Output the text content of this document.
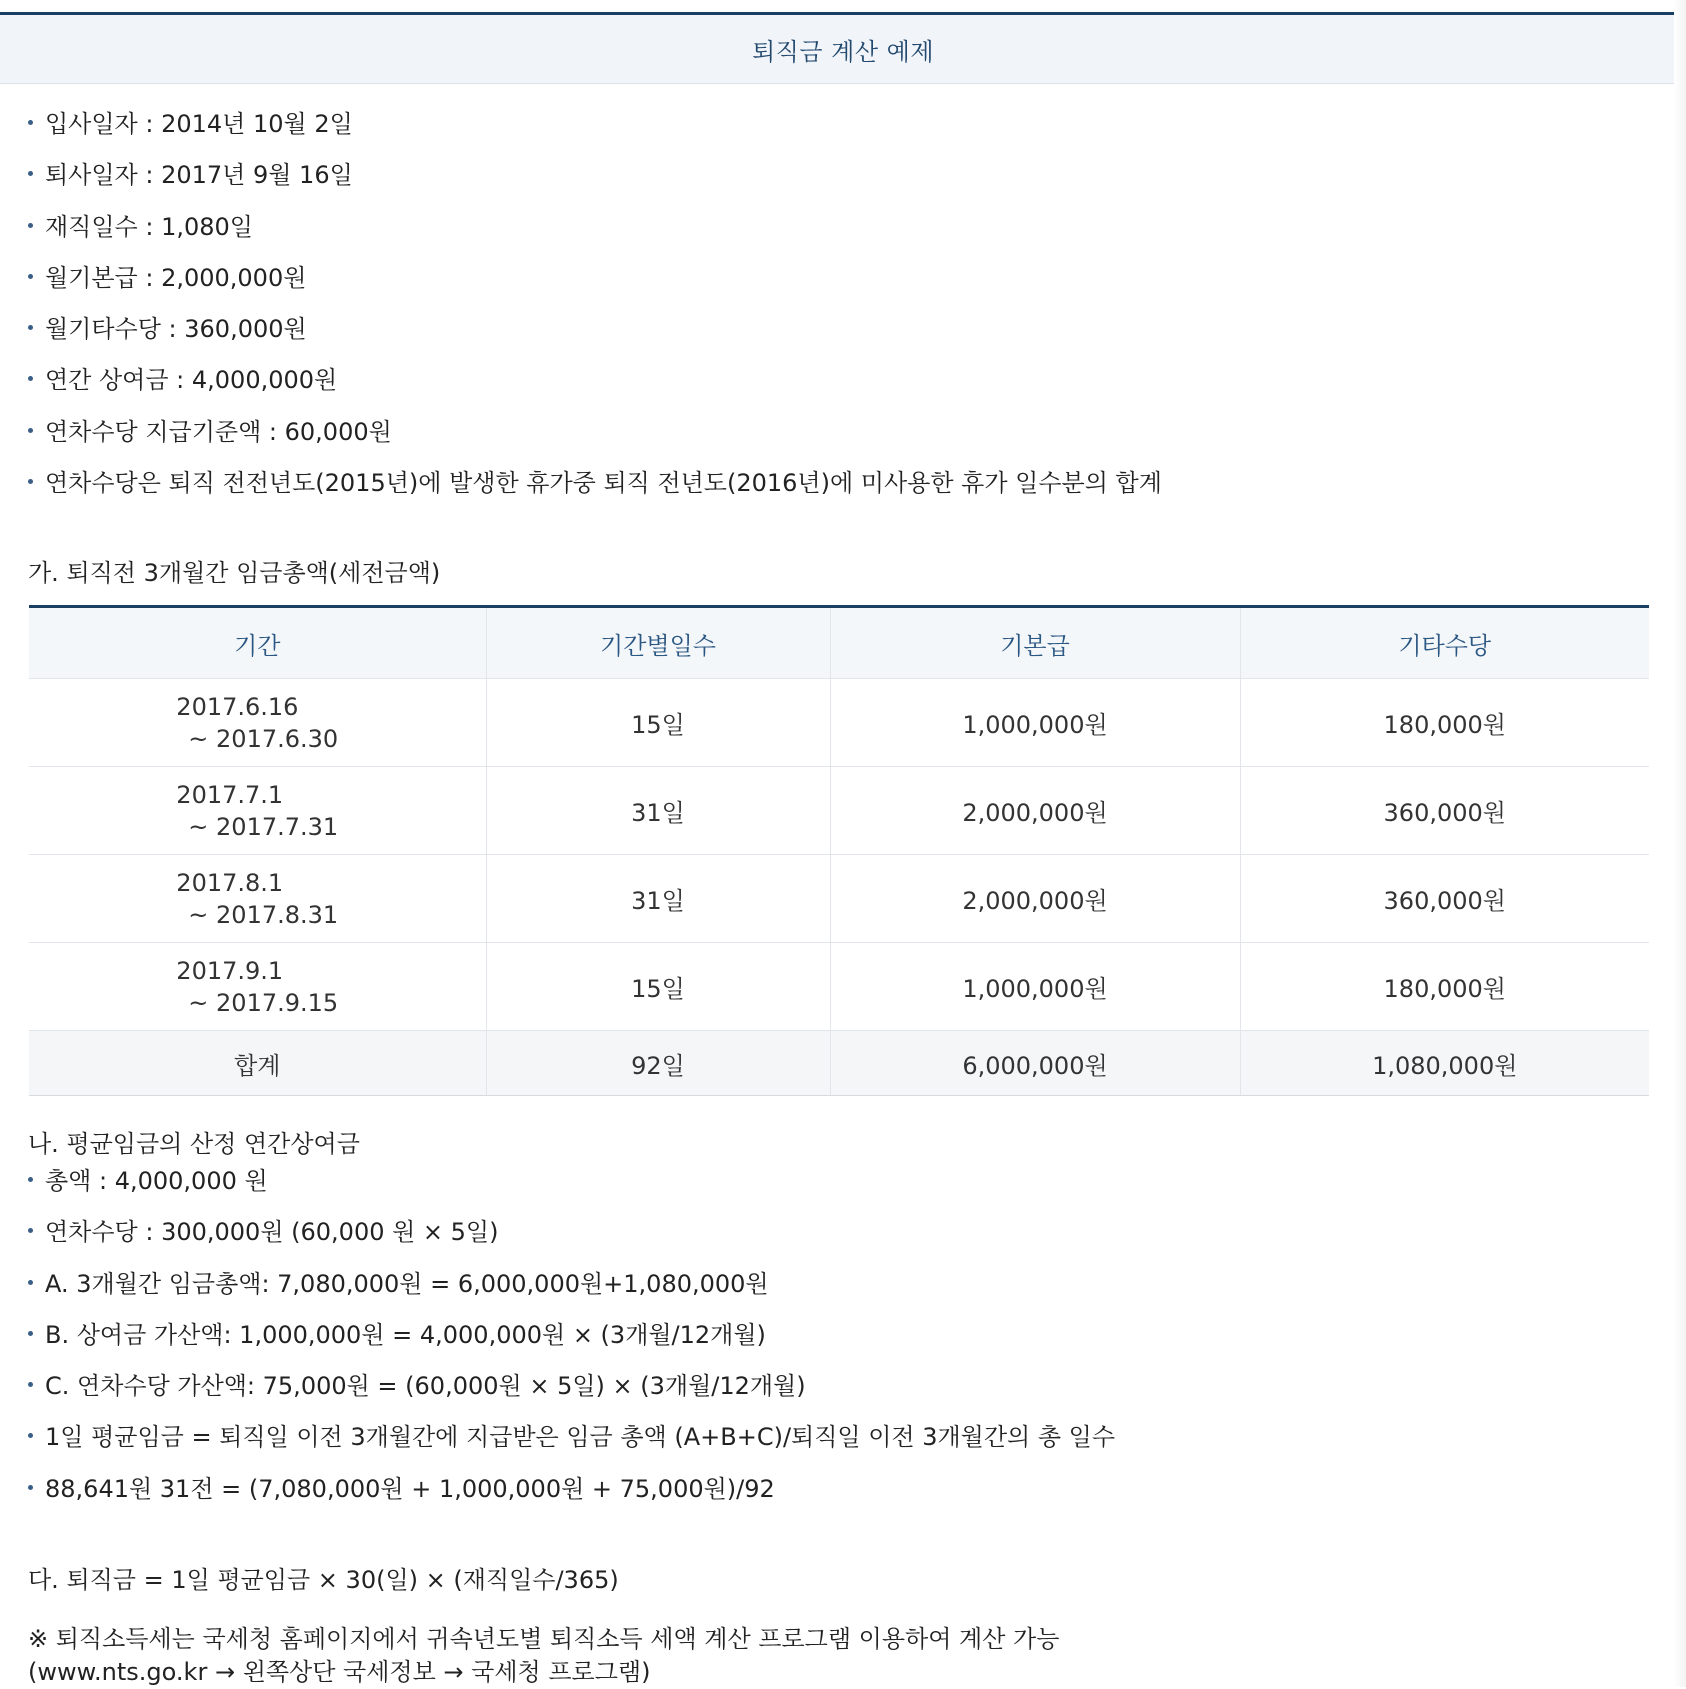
퇴직금 계산 예제
입사일자 : 2014년 10월 2일
퇴사일자 : 2017년 9월 16일
재직일수 : 1,080일
월기본급 : 2,000,000원
월기타수당 : 360,000원
연간 상여금 : 4,000,000원
연차수당 지급기준액 : 60,000원
연차수당은 퇴직 전전년도(2015년)에 발생한 휴가중 퇴직 전년도(2016년)에 미사용한 휴가 일수분의 합계
가. 퇴직전 3개월간 임금총액(세전금액)
기간	기간별일수	기본급	기타수당
2017.6.16
~ 2017.6.30	15일	1,000,000원	180,000원
2017.7.1
~ 2017.7.31	31일	2,000,000원	360,000원
2017.8.1
~ 2017.8.31	31일	2,000,000원	360,000원
2017.9.1
~ 2017.9.15	15일	1,000,000원	180,000원
합계	92일	6,000,000원	1,080,000원
나. 평균임금의 산정 연간상여금
총액 : 4,000,000 원
연차수당 : 300,000원 (60,000 원 × 5일)
A. 3개월간 임금총액: 7,080,000원 = 6,000,000원+1,080,000원
B. 상여금 가산액: 1,000,000원 = 4,000,000원 × (3개월/12개월)
C. 연차수당 가산액: 75,000원 = (60,000원 × 5일) × (3개월/12개월)
1일 평균임금 = 퇴직일 이전 3개월간에 지급받은 임금 총액 (A+B+C)/퇴직일 이전 3개월간의 총 일수
88,641원 31전 = (7,080,000원 + 1,000,000원 + 75,000원)/92
다. 퇴직금 = 1일 평균임금 × 30(일) × (재직일수/365)
※ 퇴직소득세는 국세청 홈페이지에서 귀속년도별 퇴직소득 세액 계산 프로그램 이용하여 계산 가능
(www.nts.go.kr → 왼쪽상단 국세정보 → 국세청 프로그램)
